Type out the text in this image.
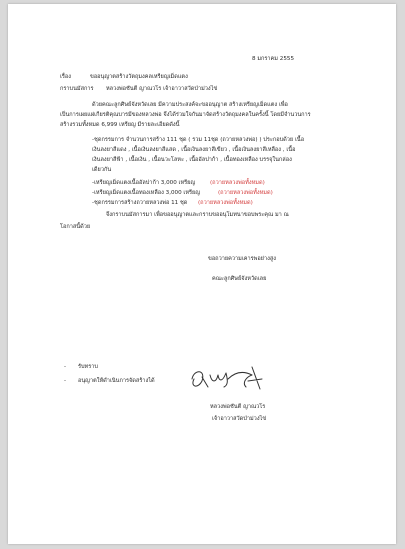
8 มกราคม 2555
เรื่อง	ขออนุญาตสร้างวัตถุมงคลเหรียญเม็ดแตง
กราบนมัสการ หลวงพ่อชันตี ญาณวโร เจ้าอาวาสวัดป่าม่วงไข่
ด้วยคณะลูกศิษย์จังหวัดเลย มีความประสงค์จะขออนุญาต สร้างเหรียญเม็ดแตง เพื่อ
เป็นการเผยแผ่เกียรติคุณบารมีของหลวงพ่อ จึงได้ร่วมใจกันมาจัดสร้างวัตถุมงคลในครั้งนี้ โดยมีจำนวนการ
สร้างรวมทั้งหมด 6,999 เหรียญ มีรายละเอียดดังนี้
-ชุดกรรมการ จำนวนการสร้าง 111 ชุด ( รวม 11ชุด (ถวายหลวงพ่อ) ) ประกอบด้วย เนื้อ
เงินลงยาสีแดง , เนื้อเงินลงยาสีแสด , เนื้อเงินลงยาสีเขียว , เนื้อเงินลงยาสีเหลือง , เนื้อ
เงินลงยาสีฟ้า , เนื้อเงิน , เนื้อนวะโลหะ , เนื้ออัลปาก้า , เนื้อทองเหลือง บรรจุในกล่อง
เดียวกัน
-เหรียญเม็ดแตงเนื้ออัลปาก้า 3,000 เหรียญ	(ถวายหลวงพ่อทั้งหมด)
-เหรียญเม็ดแตงเนื้อทองเหลือง 3,000 เหรียญ	(ถวายหลวงพ่อทั้งหมด)
-ชุดกรรมการสร้างถวายหลวงพ่อ 11 ชุด (ถวายหลวงพ่อทั้งหมด)
จึงกราบนมัสการมา เพื่อขออนุญาตและกราบขออนุโมทนาขอบพระคุณ มา ณ
โอกาสนี้ด้วย
ขอถวายความเคารพอย่างสูง
คณะลูกศิษย์จังหวัดเลย
- รับทราบ
- อนุญาตให้ดำเนินการจัดสร้างได้
หลวงพ่อชันตี ญาณวโร
เจ้าอาวาสวัดป่าม่วงไข่
